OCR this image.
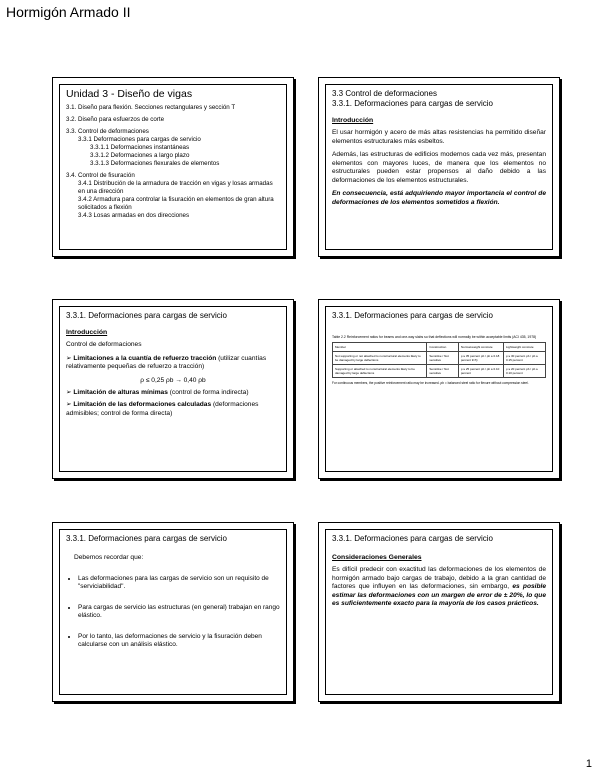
Hormigón Armado II
Unidad 3 - Diseño de vigas
3.1. Diseño para flexión. Secciones rectangulares y sección T
3.2. Diseño para esfuerzos de corte
3.3. Control de deformaciones
3.3.1 Deformaciones para cargas de servicio
3.3.1.1 Deformaciones instantáneas
3.3.1.2 Deformaciones a largo plazo
3.3.1.3 Deformaciones flexurales de elementos
3.4. Control de fisuración
3.4.1 Distribución de la armadura de tracción en vigas y losas armadas en una dirección
3.4.2 Armadura para controlar la fisuración en elementos de gran altura solicitados a flexión
3.4.3 Losas armadas en dos direcciones
3.3 Control de deformaciones
3.3.1. Deformaciones para cargas de servicio
Introducción

El usar hormigón y acero de más altas resistencias ha permitido diseñar elementos estructurales más esbeltos.

Además, las estructuras de edificios modernos cada vez más, presentan elementos con mayores luces, de manera que los elementos no estructurales pueden estar propensos al daño debido a las deformaciones de los elementos estructurales.

En consecuencia, está adquiriendo mayor importancia el control de deformaciones de los elementos sometidos a flexión.

3.3.1. Deformaciones para cargas de servicio
Introducción

Control de deformaciones

➢ Limitaciones a la cuantía de refuerzo tracción (utilizar cuantías relativamente pequeñas de refuerzo a tracción)
ρ ≤ 0,25 ρb → 0,40 ρb
➢ Limitación de alturas mínimas (control de forma indirecta)
➢ Limitación de las deformaciones calculadas (deformaciones admisibles; control de forma directa)
3.3.1. Deformaciones para cargas de servicio
Table 2.2 Reinforcement ratios for beams and one-way slabs so that deflections will normally be within acceptable limits (ACI 435, 1978)
Member	Construction	Normal-weight concrete	Lightweight concrete
Not supporting or not attached to nonstructural elements likely to be damaged by large deflections	Sensitive / Not sensitive	ρ ≤ 35 percent ρb / ρb ≤ 0.18 percent fc'/fy	ρ ≤ 30 percent ρb / ρb ≤ 0.15 percent
Supporting or attached to nonstructural elements likely to be damaged by large deflections	Sensitive / Not sensitive	ρ ≤ 25 percent ρb / ρb ≤ 0.10 percent	ρ ≤ 20 percent ρb / ρb ≤ 0.10 percent
For continuous members, the positive reinforcement ratio may be increased. ρb = balanced steel ratio for flexure without compression steel.
3.3.1. Deformaciones para cargas de servicio

Debemos recordar que:

• Las deformaciones para las cargas de servicio son un requisito de "serviciabilidad".
• Para cargas de servicio las estructuras (en general) trabajan en rango elástico.
• Por lo tanto, las deformaciones de servicio y la fisuración deben calcularse con un análisis elástico.
3.3.1. Deformaciones para cargas de servicio
Consideraciones Generales

Es difícil predecir con exactitud las deformaciones de los elementos de hormigón armado bajo cargas de trabajo, debido a la gran cantidad de factores que influyen en las deformaciones, sin embargo, es posible estimar las deformaciones con un margen de error de ± 20%, lo que es suficientemente exacto para la mayoría de los casos prácticos.

1
